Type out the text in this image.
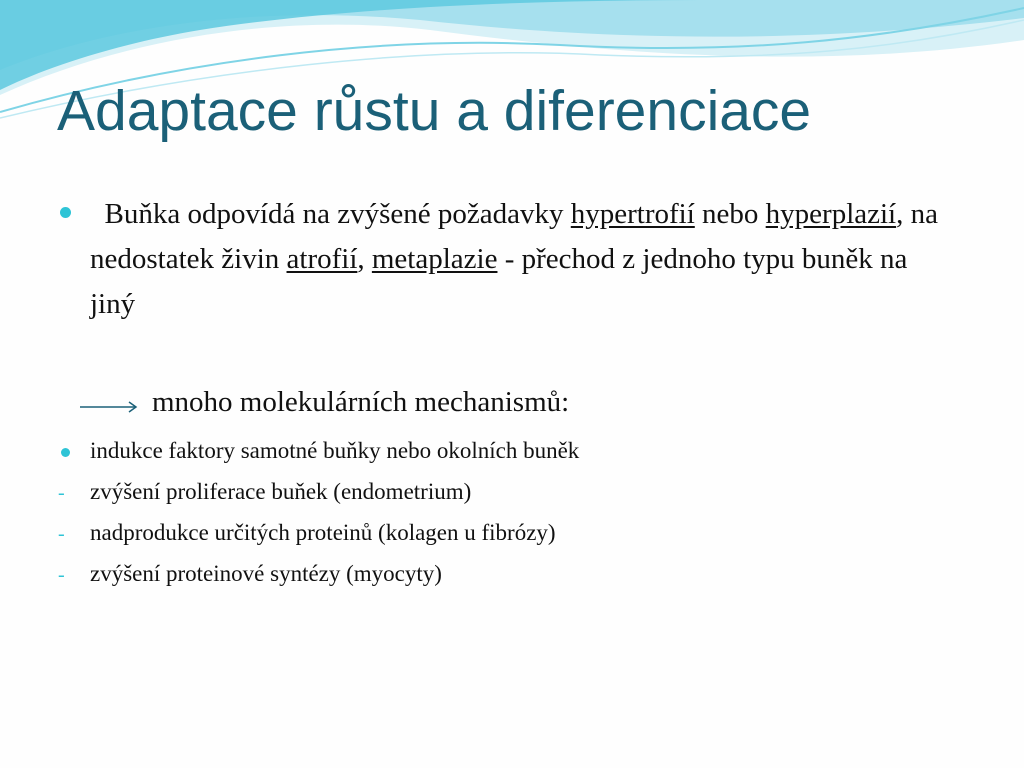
Adaptace růstu a diferenciace
Buňka odpovídá na zvýšené požadavky hypertrofií nebo hyperplazií, na nedostatek živin atrofií, metaplazie - přechod z jednoho typu buněk na jiný
mnoho molekulárních mechanismů:
indukce faktory samotné buňky nebo okolních buněk
- zvýšení proliferace buňek (endometrium)
- nadprodukce určitých proteinů (kolagen u fibrózy)
- zvýšení proteinové syntézy (myocyty)
